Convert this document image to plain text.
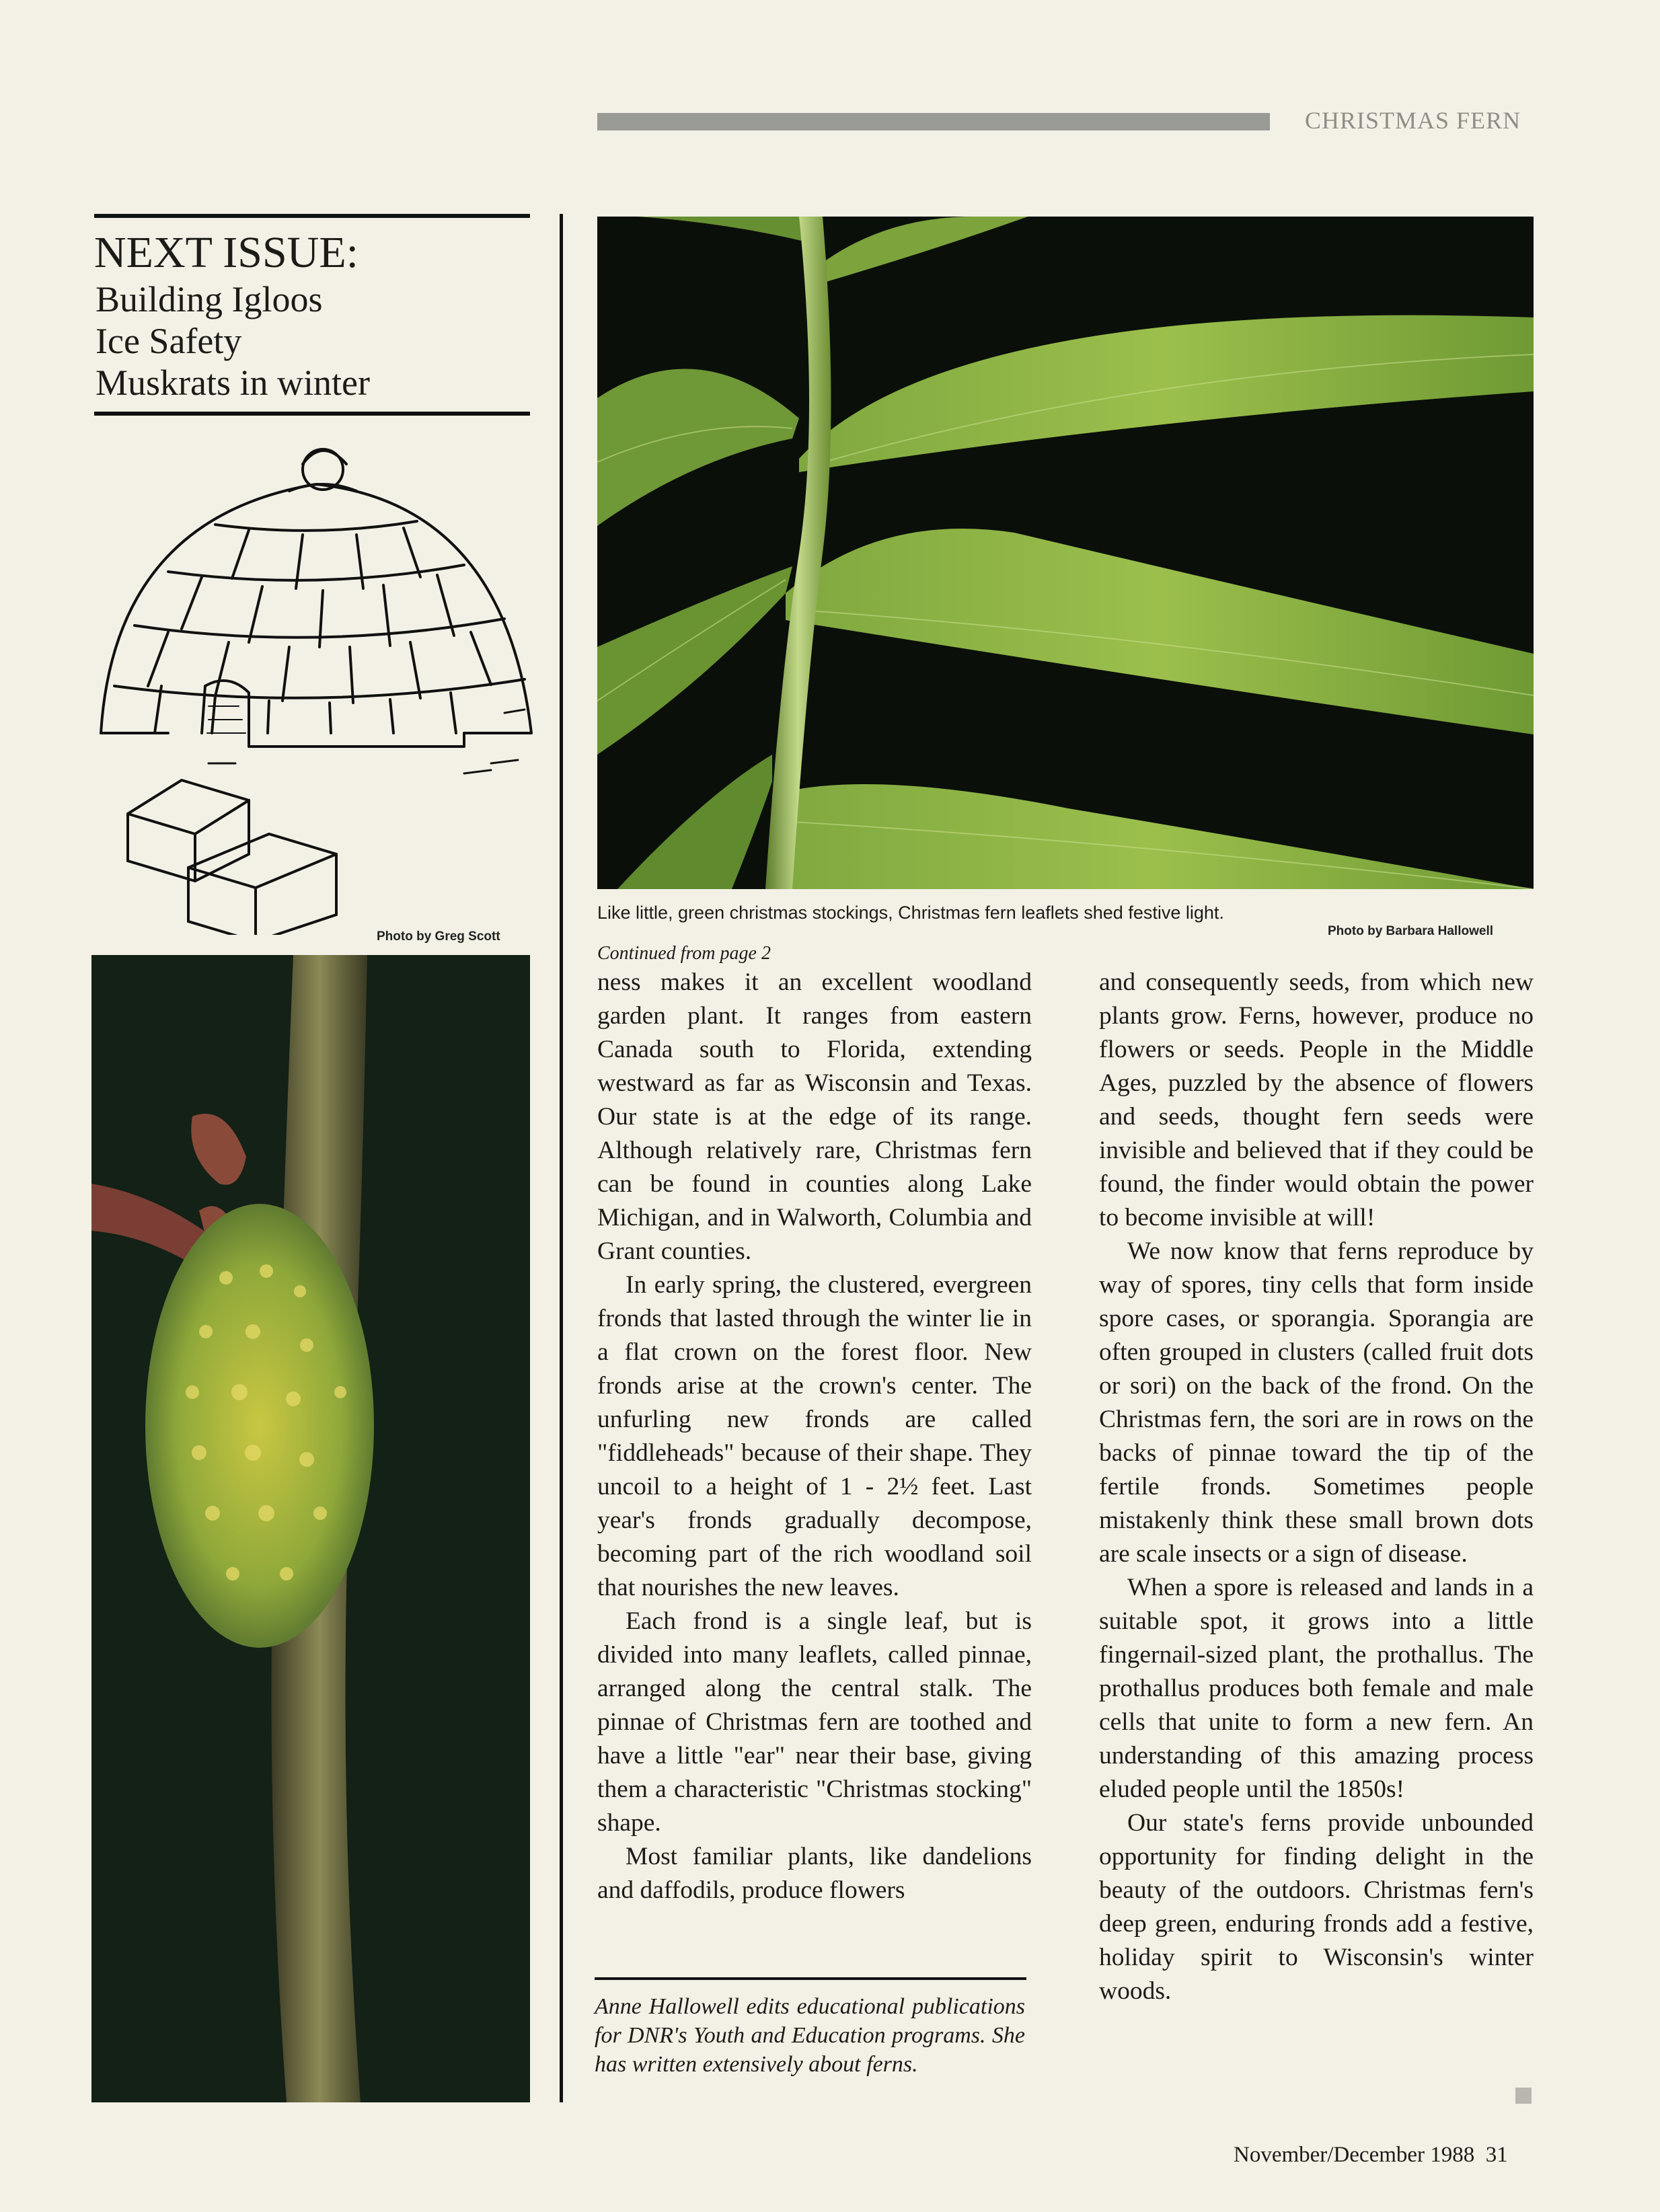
CHRISTMAS FERN
NEXT ISSUE:
Building Igloos
Ice Safety
Muskrats in winter
Photo by Greg Scott
Like little, green christmas stockings, Christmas fern leaflets shed festive light.
Photo by Barbara Hallowell
Continued from page 2

ness makes it an excellent woodland garden plant. It ranges from eastern Canada south to Florida, extending westward as far as Wisconsin and Texas. Our state is at the edge of its range. Although relatively rare, Christmas fern can be found in counties along Lake Michigan, and in Walworth, Columbia and Grant counties.

In early spring, the clustered, evergreen fronds that lasted through the winter lie in a flat crown on the forest floor. New fronds arise at the crown's center. The unfurling new fronds are called "fiddleheads" because of their shape. They uncoil to a height of 1 - 2½ feet. Last year's fronds gradually decompose, becoming part of the rich woodland soil that nourishes the new leaves.

Each frond is a single leaf, but is divided into many leaflets, called pinnae, arranged along the central stalk. The pinnae of Christmas fern are toothed and have a little "ear" near their base, giving them a characteristic "Christmas stocking" shape.

Most familiar plants, like dandelions and daffodils, produce flowers

and consequently seeds, from which new plants grow. Ferns, however, produce no flowers or seeds. People in the Middle Ages, puzzled by the absence of flowers and seeds, thought fern seeds were invisible and believed that if they could be found, the finder would obtain the power to become invisible at will!

We now know that ferns reproduce by way of spores, tiny cells that form inside spore cases, or sporangia. Sporangia are often grouped in clusters (called fruit dots or sori) on the back of the frond. On the Christmas fern, the sori are in rows on the backs of pinnae toward the tip of the fertile fronds. Sometimes people mistakenly think these small brown dots are scale insects or a sign of disease.

When a spore is released and lands in a suitable spot, it grows into a little fingernail-sized plant, the prothallus. The prothallus produces both female and male cells that unite to form a new fern. An understanding of this amazing process eluded people until the 1850s!

Our state's ferns provide unbounded opportunity for finding delight in the beauty of the outdoors. Christmas fern's deep green, enduring fronds add a festive, holiday spirit to Wisconsin's winter woods.

Anne Hallowell edits educational publications for DNR's Youth and Education programs. She has written extensively about ferns.
November/December 1988 31
